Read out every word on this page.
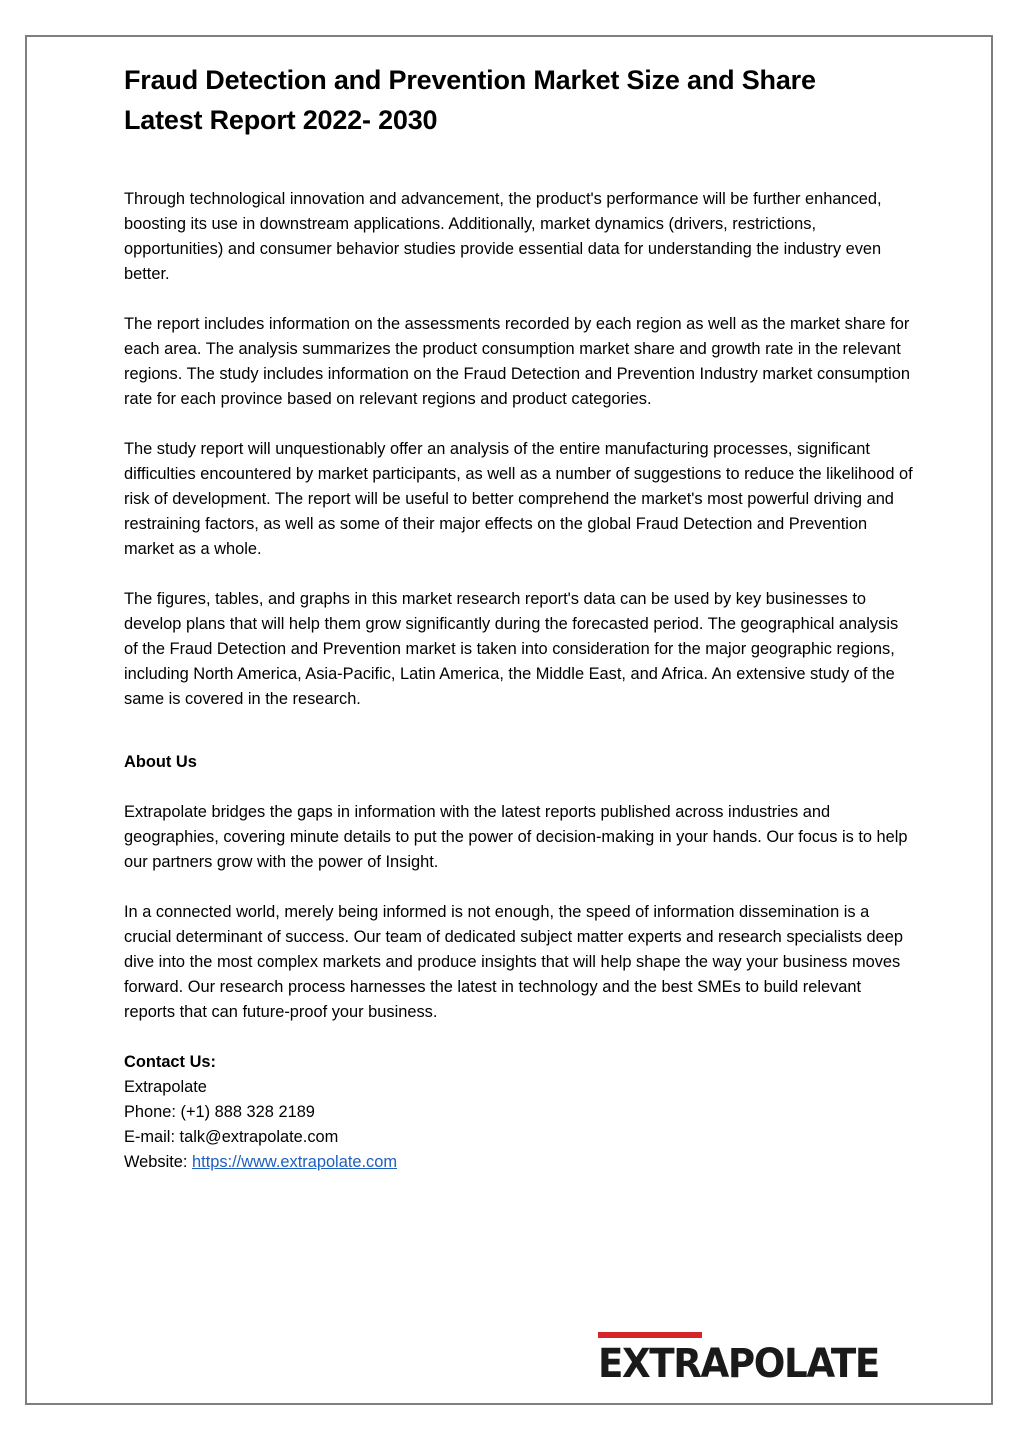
Fraud Detection and Prevention Market Size and Share
Latest Report 2022- 2030

Through technological innovation and advancement, the product's performance will be further enhanced, boosting its use in downstream applications. Additionally, market dynamics (drivers, restrictions, opportunities) and consumer behavior studies provide essential data for understanding the industry even better.

The report includes information on the assessments recorded by each region as well as the market share for each area. The analysis summarizes the product consumption market share and growth rate in the relevant regions. The study includes information on the Fraud Detection and Prevention Industry market consumption rate for each province based on relevant regions and product categories.

The study report will unquestionably offer an analysis of the entire manufacturing processes, significant difficulties encountered by market participants, as well as a number of suggestions to reduce the likelihood of risk of development. The report will be useful to better comprehend the market's most powerful driving and restraining factors, as well as some of their major effects on the global Fraud Detection and Prevention market as a whole.

The figures, tables, and graphs in this market research report's data can be used by key businesses to develop plans that will help them grow significantly during the forecasted period. The geographical analysis of the Fraud Detection and Prevention market is taken into consideration for the major geographic regions, including North America, Asia-Pacific, Latin America, the Middle East, and Africa. An extensive study of the same is covered in the research.

About Us

Extrapolate bridges the gaps in information with the latest reports published across industries and geographies, covering minute details to put the power of decision-making in your hands. Our focus is to help our partners grow with the power of Insight.

In a connected world, merely being informed is not enough, the speed of information dissemination is a crucial determinant of success. Our team of dedicated subject matter experts and research specialists deep dive into the most complex markets and produce insights that will help shape the way your business moves forward. Our research process harnesses the latest in technology and the best SMEs to build relevant reports that can future-proof your business.

Contact Us:
Extrapolate
Phone: (+1) 888 328 2189
E-mail: talk@extrapolate.com
Website: https://www.extrapolate.com
EXTRAPOLATE
